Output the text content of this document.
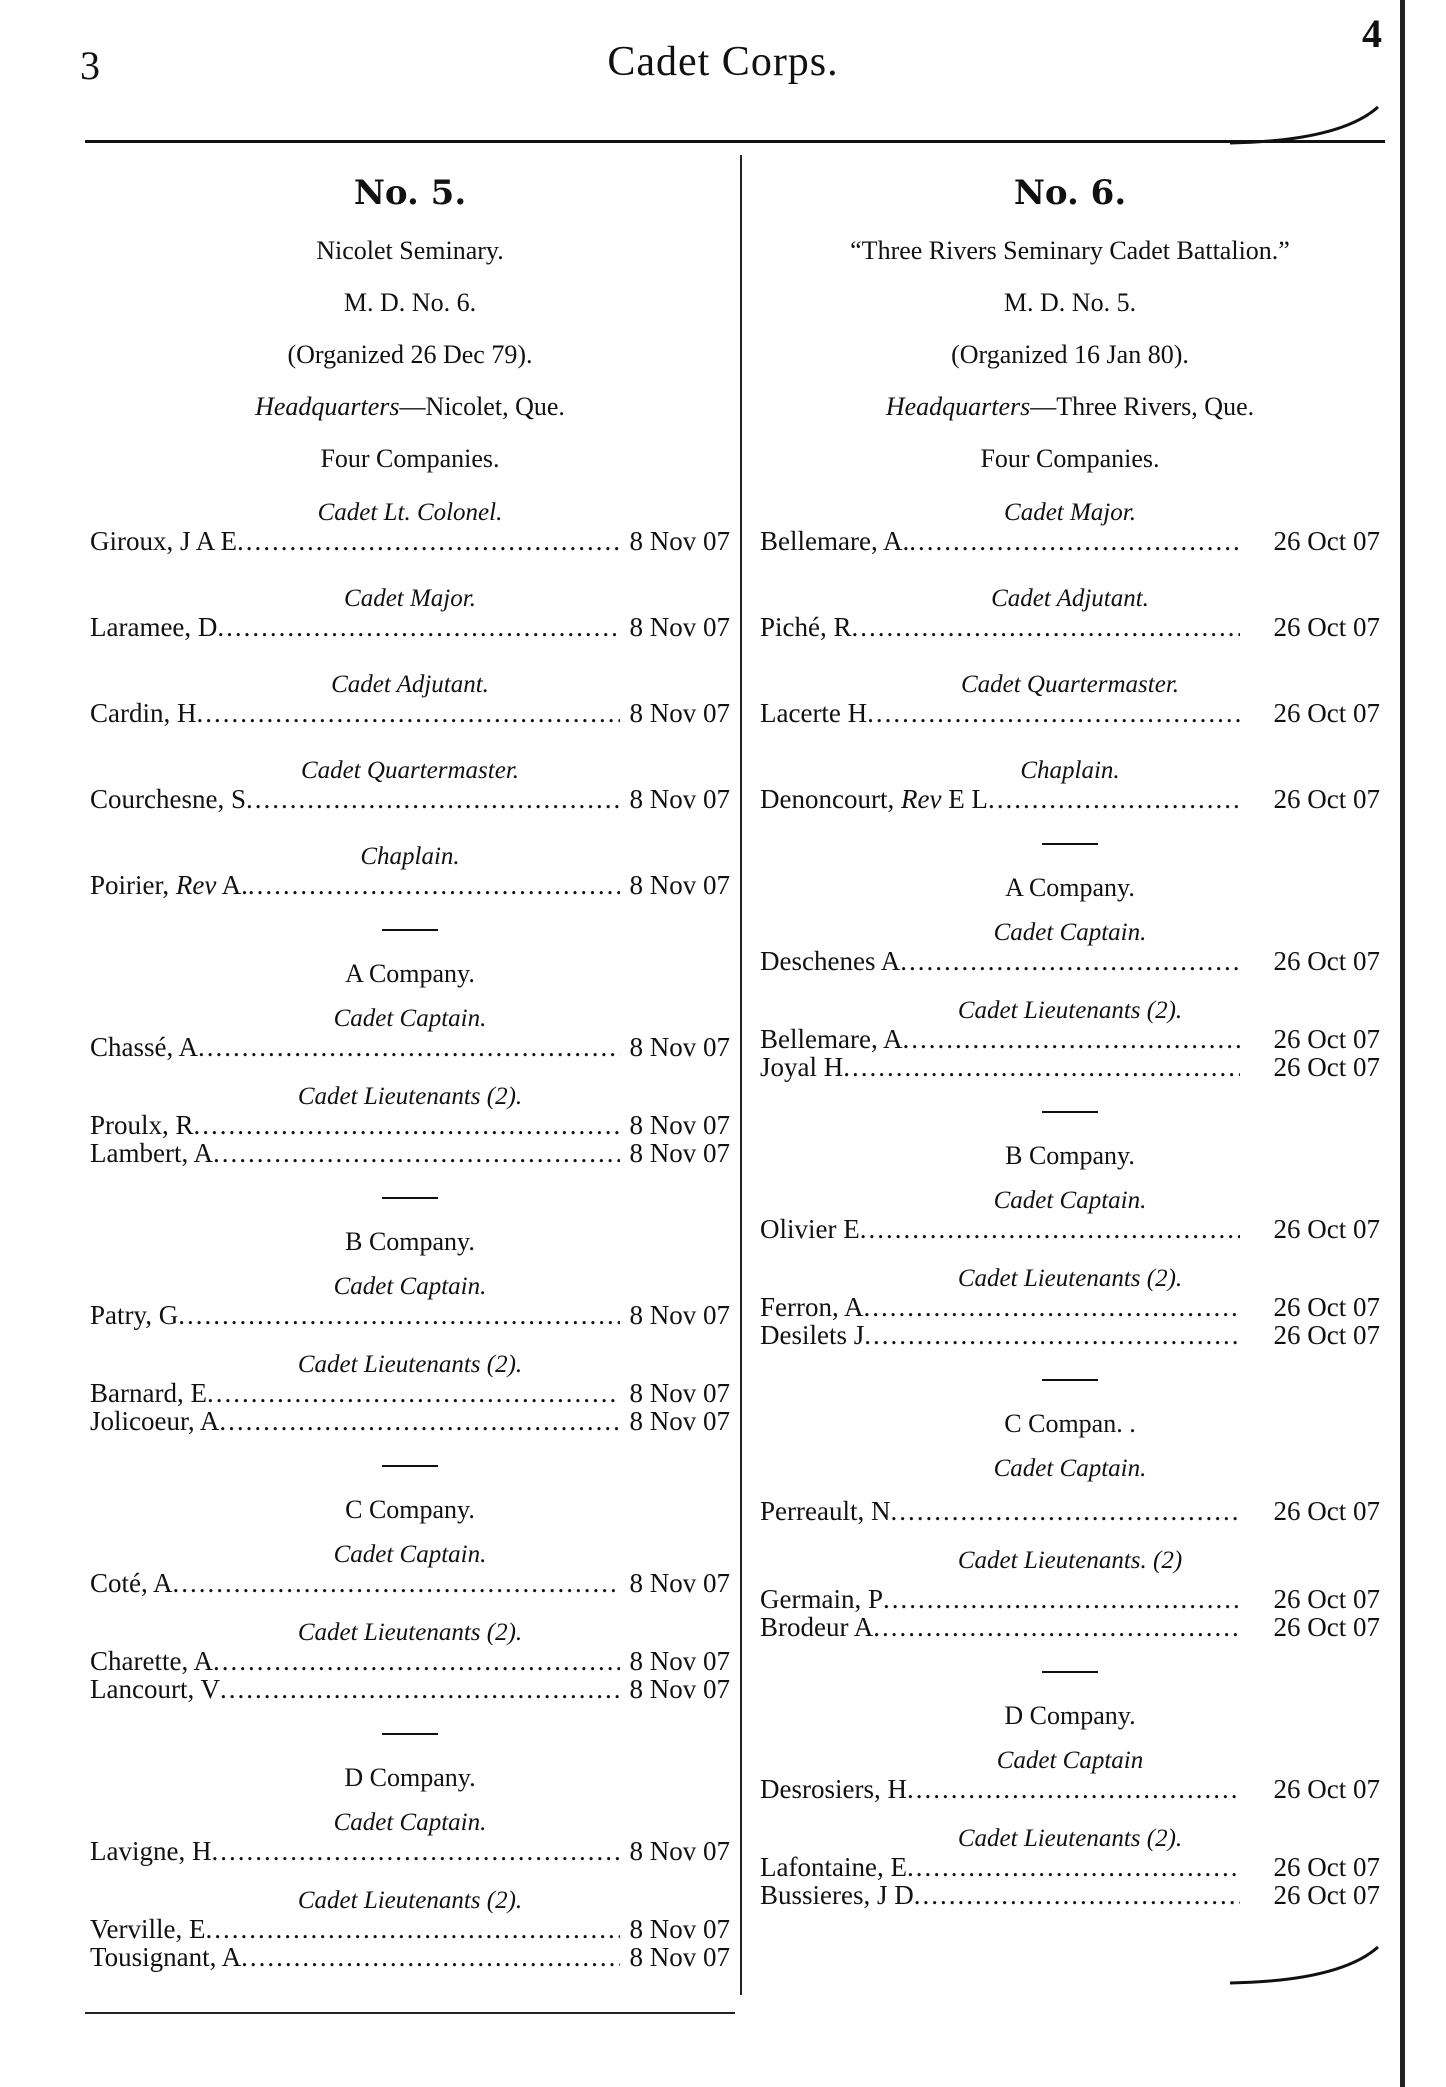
3	Cadet Corps.
4
No. 5.
Nicolet Seminary.
M. D. No. 6.
(Organized 26 Dec 79).
Headquarters—Nicolet, Que.
Four Companies.
Cadet Lt. Colonel.
Giroux, J A E .....	8 Nov 07
Cadet Major.
Laramee, D .....	8 Nov 07
Cadet Adjutant.
Cardin, H .....	8 Nov 07
Cadet Quartermaster.
Courchesne, S .....	8 Nov 07
Chaplain.
Poirier, Rev A. .....	8 Nov 07
A Company.
Cadet Captain.
Chassé, A .....	8 Nov 07
Cadet Lieutenants (2).
Proulx, R .....	8 Nov 07
Lambert, A .....	8 Nov 07
B Company.
Cadet Captain.
Patry, G .....	8 Nov 07
Cadet Lieutenants (2).
Barnard, E .....	8 Nov 07
Jolicoeur, A .....	8 Nov 07
C Company.
Cadet Captain.
Coté, A .....	8 Nov 07
Cadet Lieutenants (2).
Charette, A .....	8 Nov 07
Lancourt, V .....	8 Nov 07
D Company.
Cadet Captain.
Lavigne, H .....	8 Nov 07
Cadet Lieutenants (2).
Verville, E .....	8 Nov 07
Tousignant, A .....	8 Nov 07
No. 6.
“Three Rivers Seminary Cadet Battalion.”
M. D. No. 5.
(Organized 16 Jan 80).
Headquarters—Three Rivers, Que.
Four Companies.
Cadet Major.
Bellemare, A. .....	26 Oct 07
Cadet Adjutant.
Piché, R .....	26 Oct 07
Cadet Quartermaster.
Lacerte H .....	26 Oct 07
Chaplain.
Denoncourt, Rev E L .....	26 Oct 07
A Company.
Cadet Captain.
Deschenes A .....	26 Oct 07
Cadet Lieutenants (2).
Bellemare, A .....	26 Oct 07
Joyal H .....	26 Oct 07
B Company.
Cadet Captain.
Olivier E .....	26 Oct 07
Cadet Lieutenants (2).
Ferron, A .....	26 Oct 07
Desilets J .....	26 Oct 07
C Compan. .
Cadet Captain.
Perreault, N .....	26 Oct 07
Cadet Lieutenants. (2)
Germain, P .....	26 Oct 07
Brodeur A .....	26 Oct 07
D Company.
Cadet Captain
Desrosiers, H .....	26 Oct 07
Cadet Lieutenants (2).
Lafontaine, E .....	26 Oct 07
Bussieres, J D .....	26 Oct 07
